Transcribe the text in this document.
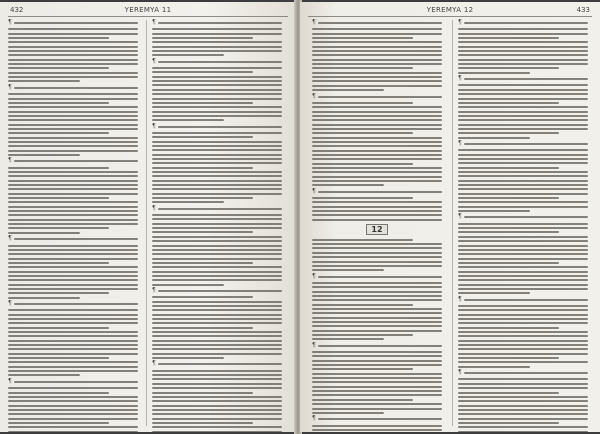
432	YEREMYA 11
¶
¶
¶
¶
¶
¶
¶
¶
¶
¶
¶
¶
YEREMYA 12	433
¶
¶
¶
12
¶
¶
¶
¶
¶
¶
¶
¶
¶
